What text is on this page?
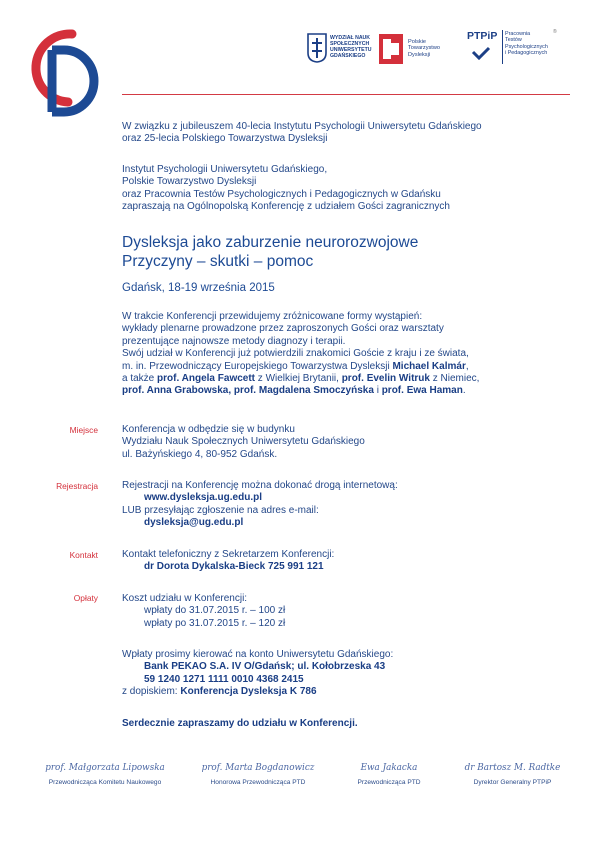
WYDZIAŁ NAUK
SPOŁECZNYCH
UNIWERSYTETU
GDAŃSKIEGO
Polskie
Towarzystwo
Dysleksji
PTPiP Pracownia
Testów
Psychologicznych
i Pedagogicznych
®
W związku z jubileuszem 40-lecia Instytutu Psychologii Uniwersytetu Gdańskiego
oraz 25-lecia Polskiego Towarzystwa Dysleksji
Instytut Psychologii Uniwersytetu Gdańskiego,
Polskie Towarzystwo Dysleksji
oraz Pracownia Testów Psychologicznych i Pedagogicznych w Gdańsku
zapraszają na Ogólnopolską Konferencję z udziałem Gości zagranicznych
Dysleksja jako zaburzenie neurorozwojowe
Przyczyny – skutki – pomoc
Gdańsk, 18-19 września 2015
W trakcie Konferencji przewidujemy zróżnicowane formy wystąpień:
wykłady plenarne prowadzone przez zaproszonych Gości oraz warsztaty
prezentujące najnowsze metody diagnozy i terapii.
Swój udział w Konferencji już potwierdzili znakomici Goście z kraju i ze świata,
m. in. Przewodniczący Europejskiego Towarzystwa Dysleksji Michael Kalmár,
a także prof. Angela Fawcett z Wielkiej Brytanii, prof. Evelin Witruk z Niemiec,
prof. Anna Grabowska, prof. Magdalena Smoczyńska i prof. Ewa Haman.
Miejsce Konferencja w odbędzie się w budynku
Wydziału Nauk Społecznych Uniwersytetu Gdańskiego
ul. Bażyńskiego 4, 80-952 Gdańsk.
Rejestracja Rejestracji na Konferencję można dokonać drogą internetową:
www.dysleksja.ug.edu.pl
LUB przesyłając zgłoszenie na adres e-mail:
dysleksja@ug.edu.pl
Kontakt Kontakt telefoniczny z Sekretarzem Konferencji:
dr Dorota Dykalska-Bieck 725 991 121
Opłaty Koszt udziału w Konferencji:
wpłaty do 31.07.2015 r. – 100 zł
wpłaty po 31.07.2015 r. – 120 zł
Wpłaty prosimy kierować na konto Uniwersytetu Gdańskiego:
Bank PEKAO S.A. IV O/Gdańsk; ul. Kołobrzeska 43
59 1240 1271 1111 0010 4368 2415
z dopiskiem: Konferencja Dysleksja K 786
Serdecznie zapraszamy do udziału w Konferencji.
prof. Małgorzata Lipowska
Przewodnicząca Komitetu Naukowego
prof. Marta Bogdanowicz
Honorowa Przewodnicząca PTD
Ewa Jakacka
Przewodnicząca PTD
dr Bartosz M. Radtke
Dyrektor Generalny PTPiP
